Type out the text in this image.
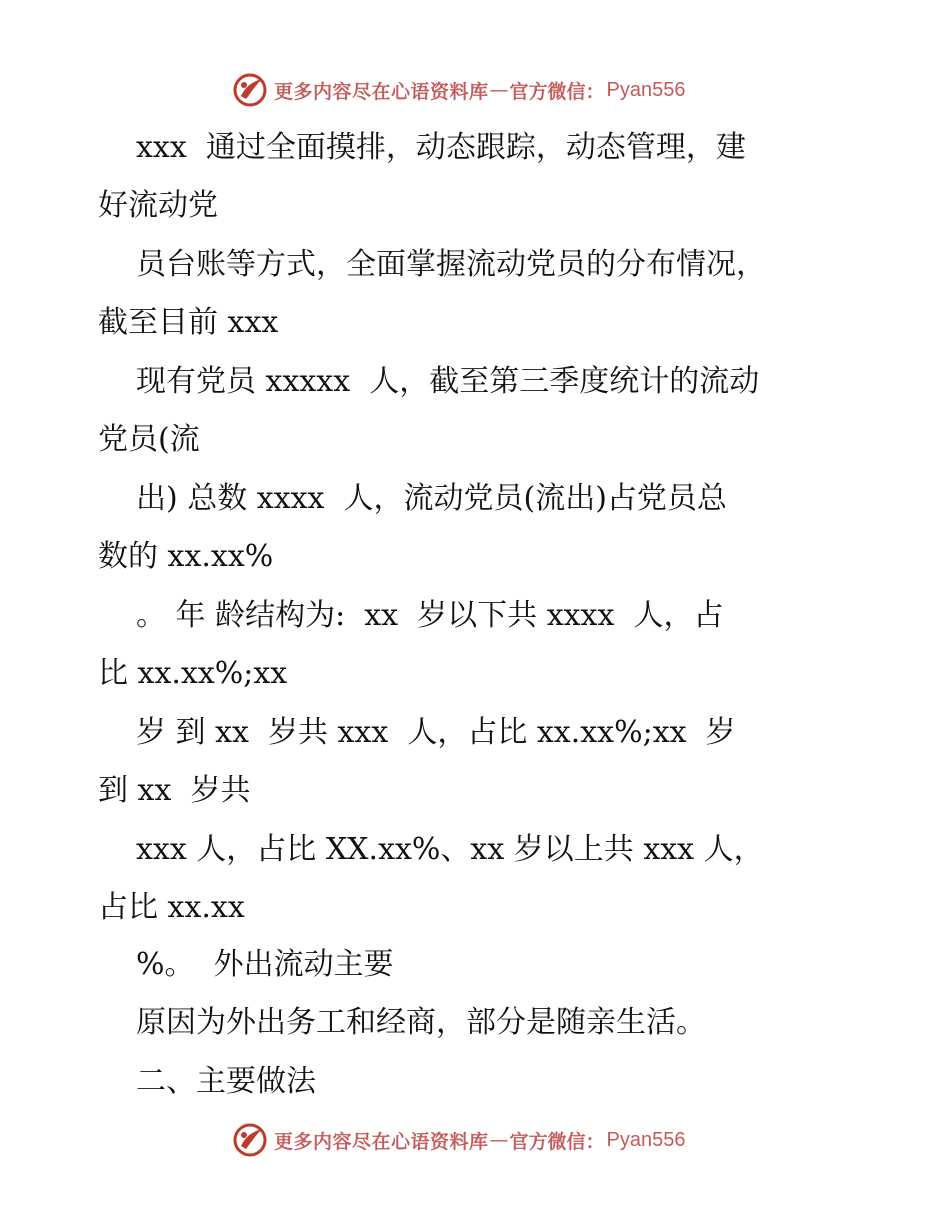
更多内容尽在心语资料库 — 官方微信： Pyan556
xxx  通过全面摸排，动态跟踪，动态管理，建
好流动党
员台账等方式，全面掌握流动党员的分布情况，
截至目前 xxx
现有党员 xxxxx  人，截至第三季度统计的流动
党员(流
出) 总数 xxxx  人，流动党员(流出)占党员总
数的 xx.xx%
。 年 龄结构为:  xx  岁以下共 xxxx  人，占
比 xx.xx%;xx
岁 到 xx  岁共 xxx  人，占比 xx.xx%;xx  岁
到 xx  岁共
xxx 人，占比 XX.xx%、xx 岁以上共 xxx 人，
占比 xx.xx
%。  外出流动主要
原因为外出务工和经商，部分是随亲生活。
二、主要做法
更多内容尽在心语资料库 — 官方微信： Pyan556
